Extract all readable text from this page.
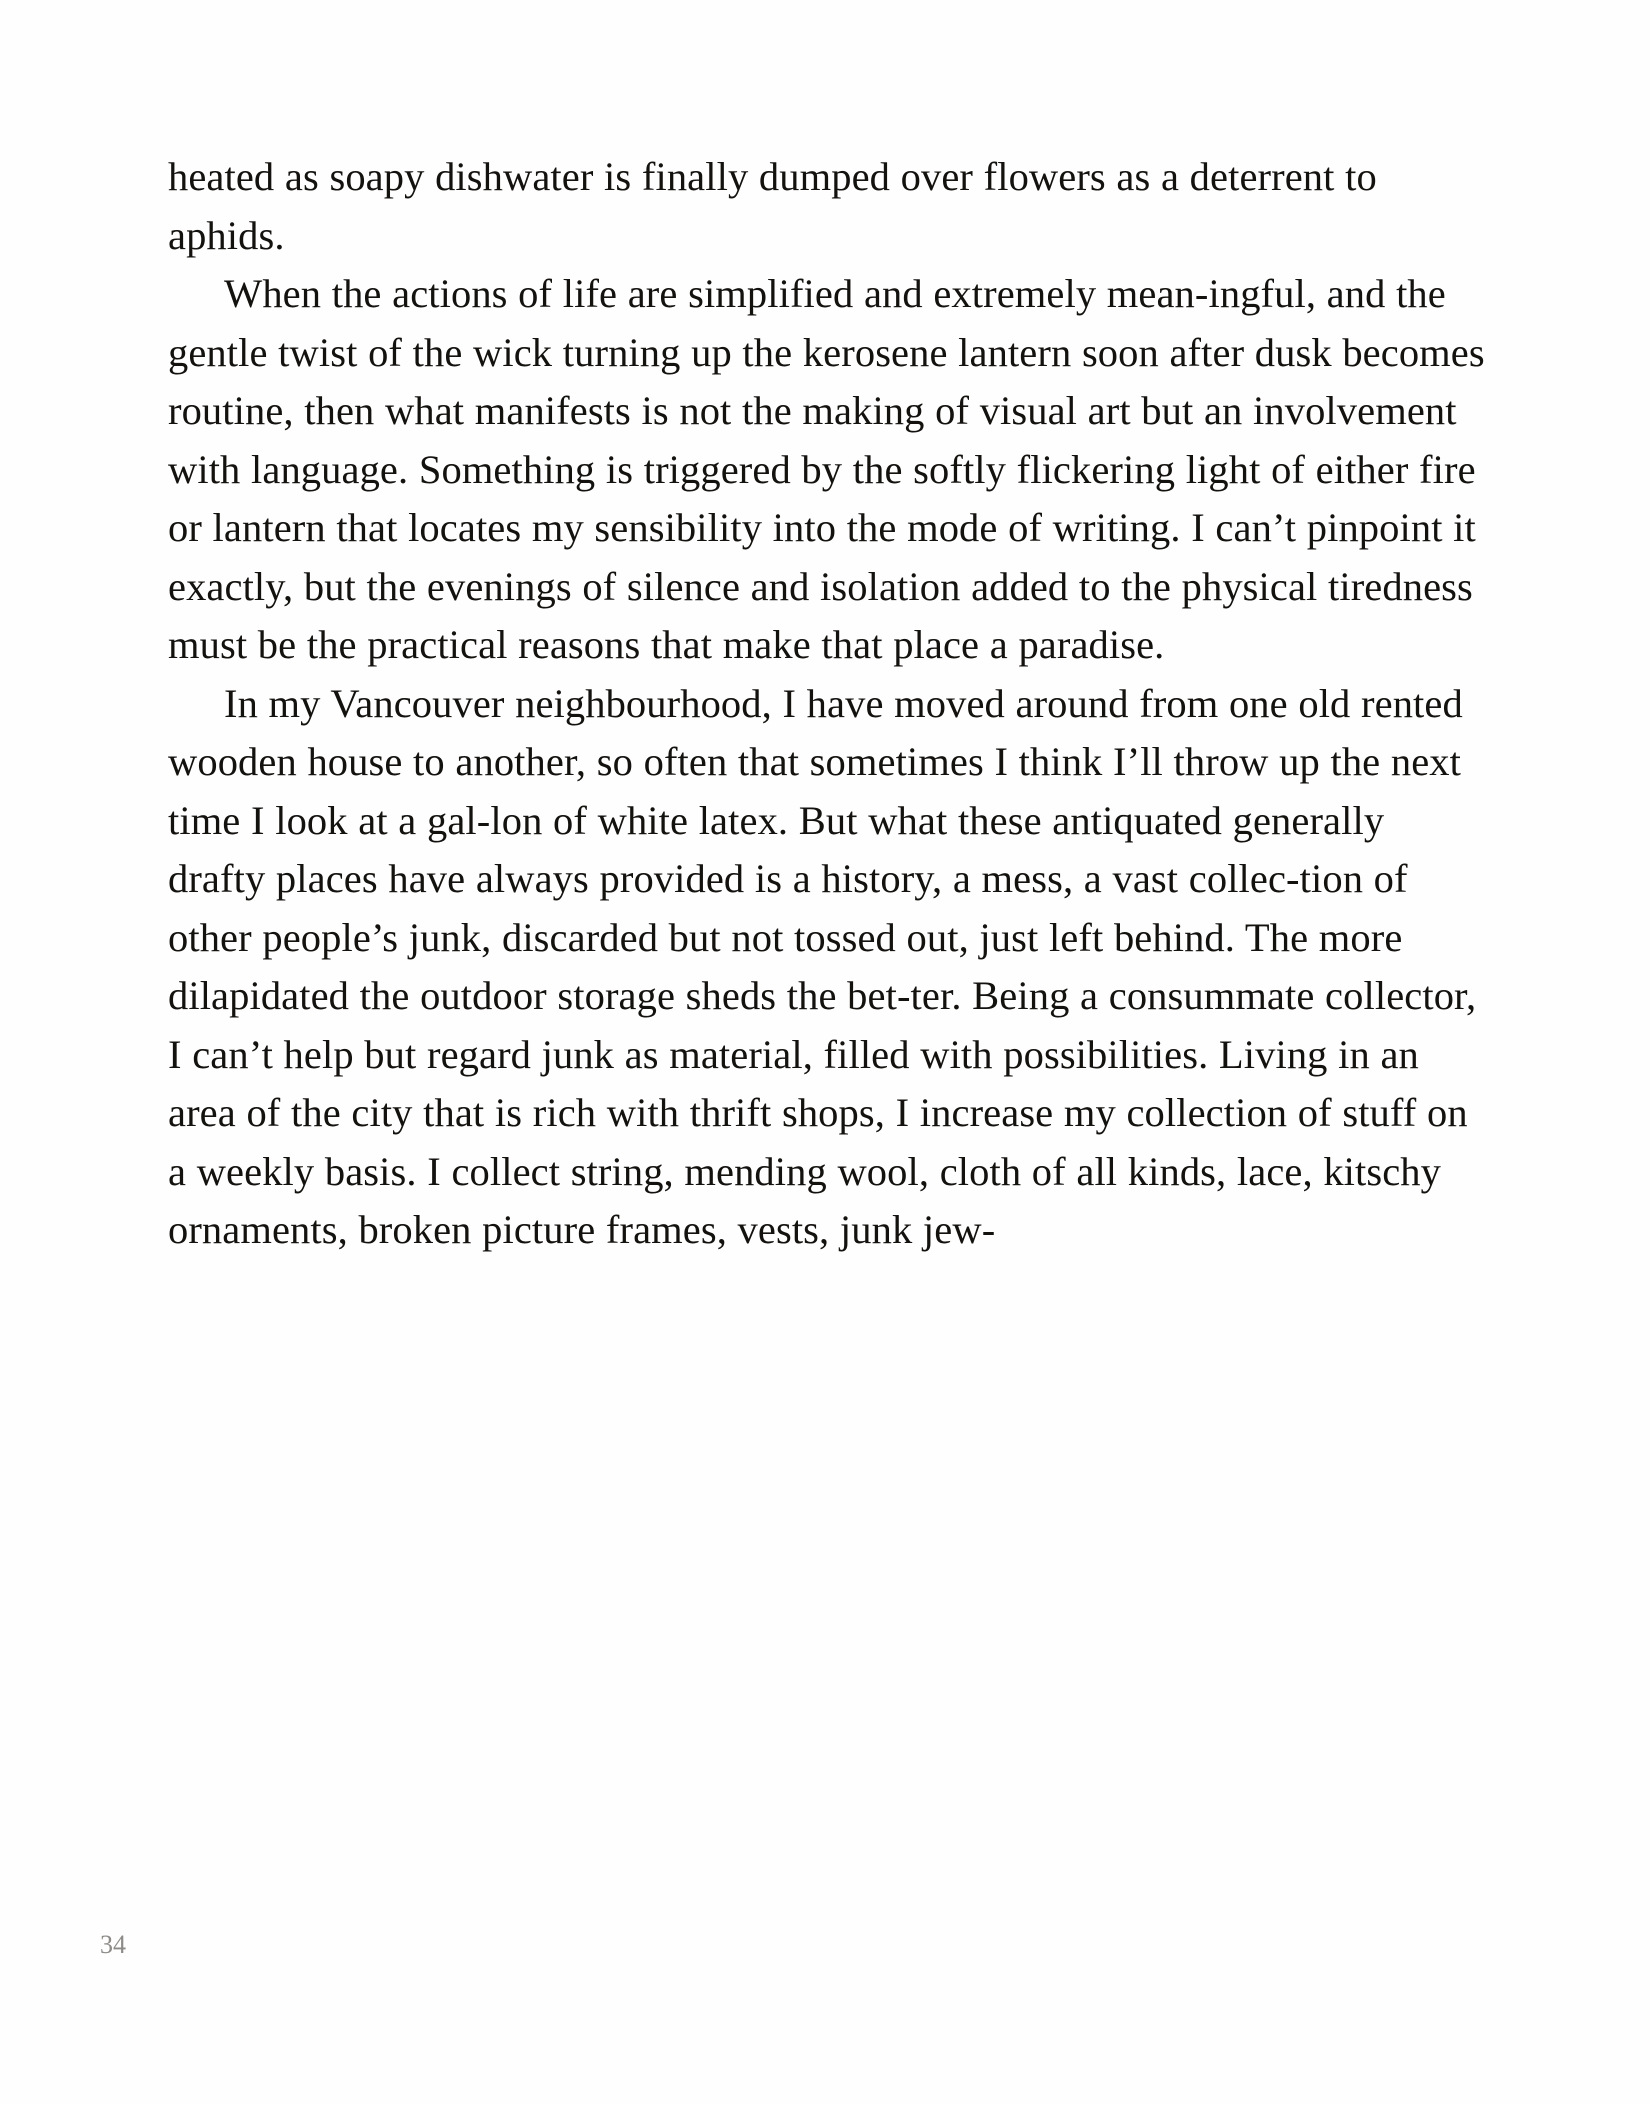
heated as soapy dishwater is finally dumped over flowers as a deterrent to aphids.

When the actions of life are simplified and extremely mean-ingful, and the gentle twist of the wick turning up the kerosene lantern soon after dusk becomes routine, then what manifests is not the making of visual art but an involvement with language. Something is triggered by the softly flickering light of either fire or lantern that locates my sensibility into the mode of writing. I can’t pinpoint it exactly, but the evenings of silence and isolation added to the physical tiredness must be the practical reasons that make that place a paradise.

In my Vancouver neighbourhood, I have moved around from one old rented wooden house to another, so often that sometimes I think I’ll throw up the next time I look at a gal-lon of white latex. But what these antiquated generally drafty places have always provided is a history, a mess, a vast collec-tion of other people’s junk, discarded but not tossed out, just left behind. The more dilapidated the outdoor storage sheds the bet-ter. Being a consummate collector, I can’t help but regard junk as material, filled with possibilities. Living in an area of the city that is rich with thrift shops, I increase my collection of stuff on a weekly basis. I collect string, mending wool, cloth of all kinds, lace, kitschy ornaments, broken picture frames, vests, junk jew-

34
